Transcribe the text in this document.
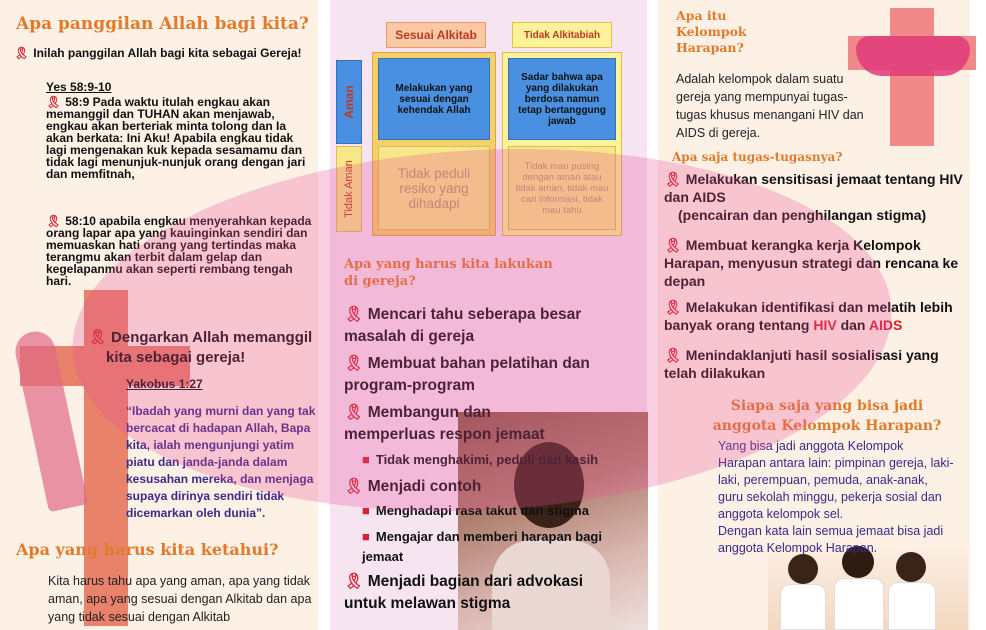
Apa panggilan Allah bagi kita?
🎗 Inilah panggilan Allah bagi kita sebagai Gereja!
Yes 58:9-10
🎗 58:9 Pada waktu itulah engkau akan memanggil dan TUHAN akan menjawab, engkau akan berteriak minta tolong dan Ia akan berkata: Ini Aku! Apabila engkau tidak lagi mengenakan kuk kepada sesamamu dan tidak lagi menunjuk-nunjuk orang dengan jari dan memfitnah,
🎗 58:10 apabila engkau menyerahkan kepada orang lapar apa yang kauinginkan sendiri dan memuaskan hati orang yang tertindas maka terangmu akan terbit dalam gelap dan kegelapanmu akan seperti rembang tengah hari.
🎗 Dengarkan Allah memanggil
kita sebagai gereja!
Yakobus 1:27
“Ibadah yang murni dan yang tak bercacat di hadapan Allah, Bapa kita, ialah mengunjungi yatim piatu dan janda-janda dalam kesusahan mereka, dan menjaga supaya dirinya sendiri tidak dicemarkan oleh dunia”.
Apa yang harus kita ketahui?
Kita harus tahu apa yang aman, apa yang tidak aman, apa yang sesuai dengan Alkitab dan apa yang tidak sesuai dengan Alkitab
Sesuai Alkitab	Tidak Alkitabiah
Aman
Tidak Aman
Melakukan yang sesuai dengan kehendak Allah
Sadar bahwa apa yang dilakukan berdosa namun tetap bertanggung jawab
Tidak peduli resiko yang dihadapi
Tidak mau pusing dengan aman atau tidak aman, tidak mau cari informasi, tidak mau tahu
Apa yang harus kita lakukan
di gereja?
🎗 Mencari tahu seberapa besar masalah di gereja
🎗 Membuat bahan pelatihan dan program-program
🎗 Membangun dan memperluas respon jemaat
■ Tidak menghakimi, peduli dan kasih
🎗 Menjadi contoh
■ Menghadapi rasa takut dan stigma
■ Mengajar dan memberi harapan bagi jemaat
🎗 Menjadi bagian dari advokasi untuk melawan stigma
Apa itu
Kelompok
Harapan?
Adalah kelompok dalam suatu gereja yang mempunyai tugas-tugas khusus menangani HIV dan AIDS di gereja.
Apa saja tugas-tugasnya?
🎗 Melakukan sensitisasi jemaat tentang HIV dan AIDS
(pencairan dan penghilangan stigma)
🎗 Membuat kerangka kerja Kelompok Harapan, menyusun strategi dan rencana ke depan
🎗 Melakukan identifikasi dan melatih lebih banyak orang tentang HIV dan AIDS
🎗 Menindaklanjuti hasil sosialisasi yang telah dilakukan
Siapa saja yang bisa jadi
anggota Kelompok Harapan?
Yang bisa jadi anggota Kelompok Harapan antara lain: pimpinan gereja, laki-laki, perempuan, pemuda, anak-anak, guru sekolah minggu, pekerja sosial dan anggota kelompok sel.
Dengan kata lain semua jemaat bisa jadi anggota Kelompok Harapan.
